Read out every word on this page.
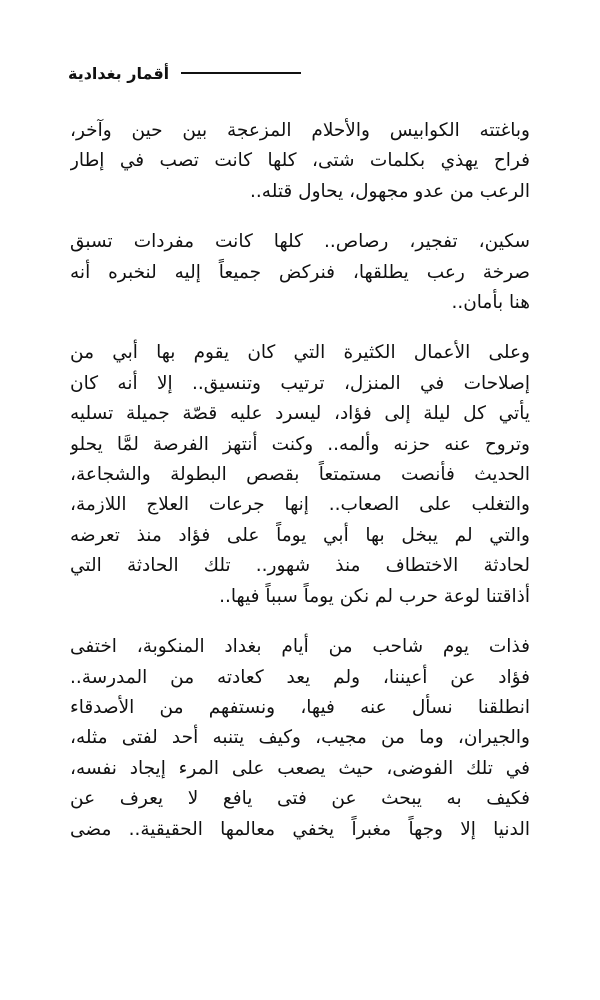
أقمار بغدادية

وباغتته الكوابيس والأحلام المزعجة بين حين وآخر،
فراح يهذي بكلمات شتى، كلها كانت تصب في إطار
الرعب من عدو مجهول، يحاول قتله..

سكين، تفجير، رصاص.. كلها كانت مفردات تسبق
صرخة رعب يطلقها، فنركض جميعاً إليه لنخبره أنه
هنا بأمان..

وعلى الأعمال الكثيرة التي كان يقوم بها أبي من
إصلاحات في المنزل، ترتيب وتنسيق.. إلا أنه كان
يأتي كل ليلة إلى فؤاد، ليسرد عليه قصّة جميلة تسليه
وتروح عنه حزنه وألمه.. وكنت أنتهز الفرصة لمَّا يحلو
الحديث فأنصت مستمتعاً بقصص البطولة والشجاعة،
والتغلب على الصعاب.. إنها جرعات العلاج اللازمة،
والتي لم يبخل بها أبي يوماً على فؤاد منذ تعرضه
لحادثة الاختطاف منذ شهور.. تلك الحادثة التي
أذاقتنا لوعة حرب لم نكن يوماً سبباً فيها..

فذات يوم شاحب من أيام بغداد المنكوبة، اختفى
فؤاد عن أعيننا، ولم يعد كعادته من المدرسة..
انطلقنا نسأل عنه فيها، ونستفهم من الأصدقاء
والجيران، وما من مجيب، وكيف يتنبه أحد لفتى مثله،
في تلك الفوضى، حيث يصعب على المرء إيجاد نفسه،
فكيف به يبحث عن فتى يافع لا يعرف عن
الدنيا إلا وجهاً مغبراً يخفي معالمها الحقيقية.. مضى
